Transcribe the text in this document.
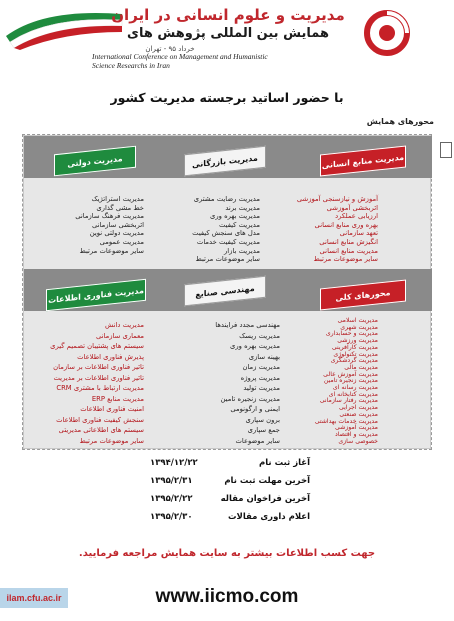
مدیریت و علوم انسانی در ایران
همایش بین المللی پژوهش های
خرداد ۹۵ - تهران
International Conference on Management and Humanistic
Science Researchs in Iran
با حضور اساتید برجسته مدیریت کشور
محورهای همایش
مدیریت منابع انسانی
مدیریت بازرگانی
مدیریت دولتی
محورهای کلی
مهندسی صنایع
مدیریت فناوری اطلاعات
آموزش و نیازسنجی آموزشی
اثربخشی آموزشی
ارزیابی عملکرد
بهره وری منابع انسانی
تعهد سازمانی
انگیزش منابع انسانی
مدیریت منابع انسانی
سایر موضوعات مرتبط
مدیریت رضایت مشتری
مدیریت برند
مدیریت بهره وری
مدیریت کیفیت
مدل های سنجش کیفیت
مدیریت کیفیت خدمات
مدیریت بازار
سایر موضوعات مرتبط
مدیریت استراتژیک
خط مشی گذاری
مدیریت فرهنگ سازمانی
اثربخشی سازمانی
مدیریت دولتی نوین
مدیریت عمومی
سایر موضوعات مرتبط
مدیریت اسلامی
مدیریت شهری
مدیریت و حسابداری
مدیریت ورزشی
مدیریت کارآفرینی
مدیریت تکنولوژی
مدیریت گردشگری
مدیریت مالی
مدیریت آموزش عالی
مدیریت زنجیره تامین
مدیریت رسانه ای
مدیریت کتابخانه ای
مدیریت رفتار سازمانی
مدیریت اجرایی
مدیریت صنعتی
مدیریت خدمات بهداشتی
مدیریت آموزشی
مدیریت و اقتصاد
خصوصی سازی
مهندسی مجدد فرایندها
مدیریت ریسک
مدیریت بهره وری
بهینه سازی
مدیریت زمان
مدیریت پروژه
مدیریت تولید
مدیریت زنجیره تامین
ایمنی و ارگونومی
برون سپاری
جمع سپاری
سایر موضوعات
مدیریت دانش
معماری سازمانی
سیستم های پشتیبان تصمیم گیری
پذیرش فناوری اطلاعات
تاثیر فناوری اطلاعات بر سازمان
تاثیر فناوری اطلاعات بر مدیریت
مدیریت ارتباط با مشتری CRM
مدیریت منابع ERP
امنیت فناوری اطلاعات
سنجش کیفیت فناوری اطلاعات
سیستم های اطلاعاتی مدیریتی
سایر موضوعات مرتبط
آغاز ثبت نام
۱۳۹۴/۱۲/۲۲
آخرین مهلت ثبت نام
۱۳۹۵/۲/۳۱
آخرین فراخوان مقاله
۱۳۹۵/۲/۲۲
اعلام داوری مقالات
۱۳۹۵/۲/۳۰
جهت کسب اطلاعات بیشتر به سایت همایش مراجعه فرمایید.
www.iicmo.com
ilam.cfu.ac.ir
